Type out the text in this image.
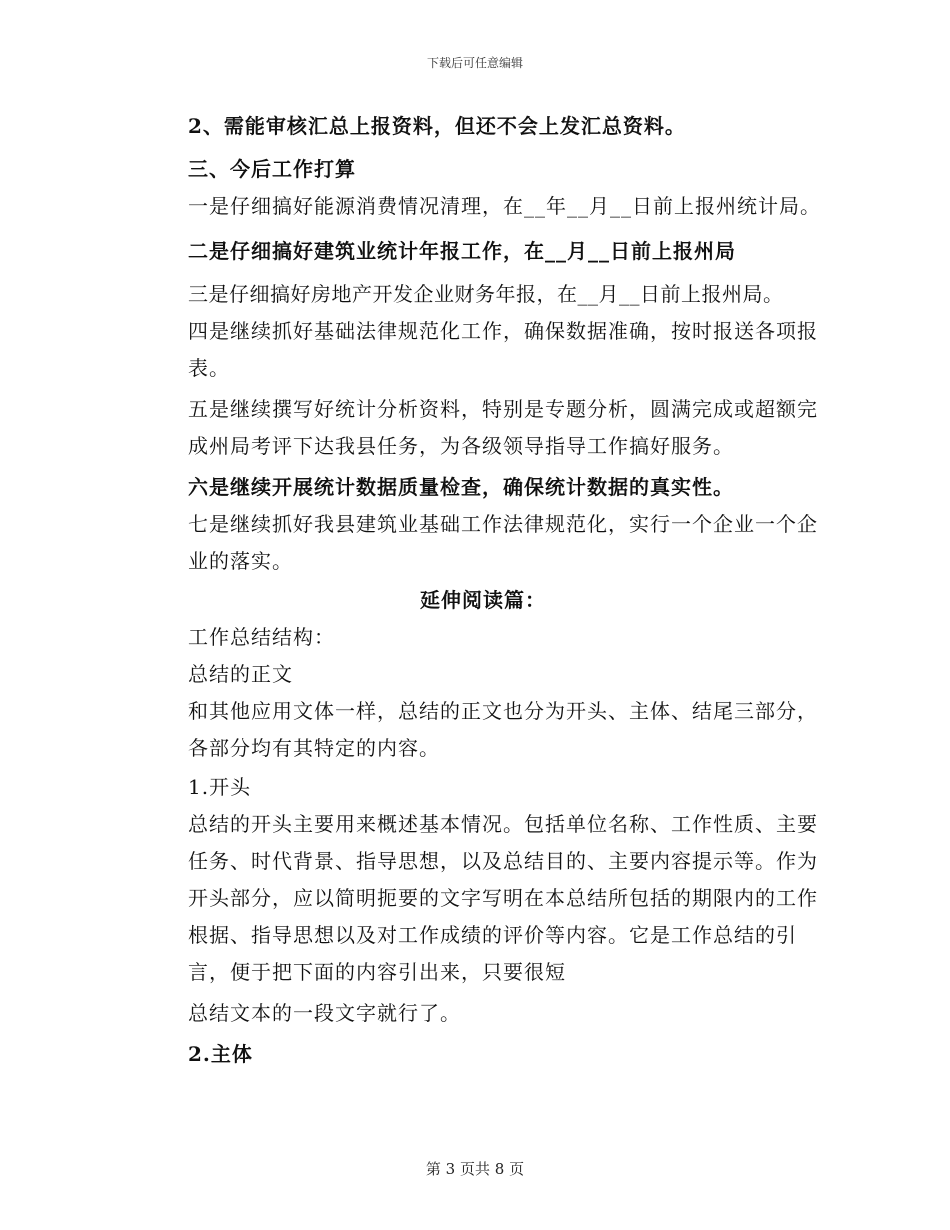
下载后可任意编辑

2、需能审核汇总上报资料，但还不会上发汇总资料。

三、今后工作打算

一是仔细搞好能源消费情况清理，在__年__月__日前上报州统计局。

二是仔细搞好建筑业统计年报工作，在__月__日前上报州局

三是仔细搞好房地产开发企业财务年报，在__月__日前上报州局。

四是继续抓好基础法律规范化工作，确保数据准确，按时报送各项报表。

五是继续撰写好统计分析资料，特别是专题分析，圆满完成或超额完成州局考评下达我县任务，为各级领导指导工作搞好服务。

六是继续开展统计数据质量检查，确保统计数据的真实性。

七是继续抓好我县建筑业基础工作法律规范化，实行一个企业一个企业的落实。

延伸阅读篇：

工作总结结构：

总结的正文

和其他应用文体一样，总结的正文也分为开头、主体、结尾三部分，各部分均有其特定的内容。

1.开头

总结的开头主要用来概述基本情况。包括单位名称、工作性质、主要任务、时代背景、指导思想，以及总结目的、主要内容提示等。作为开头部分，应以简明扼要的文字写明在本总结所包括的期限内的工作根据、指导思想以及对工作成绩的评价等内容。它是工作总结的引言，便于把下面的内容引出来，只要很短

总结文本的一段文字就行了。

2.主体

第 3 页共 8 页
